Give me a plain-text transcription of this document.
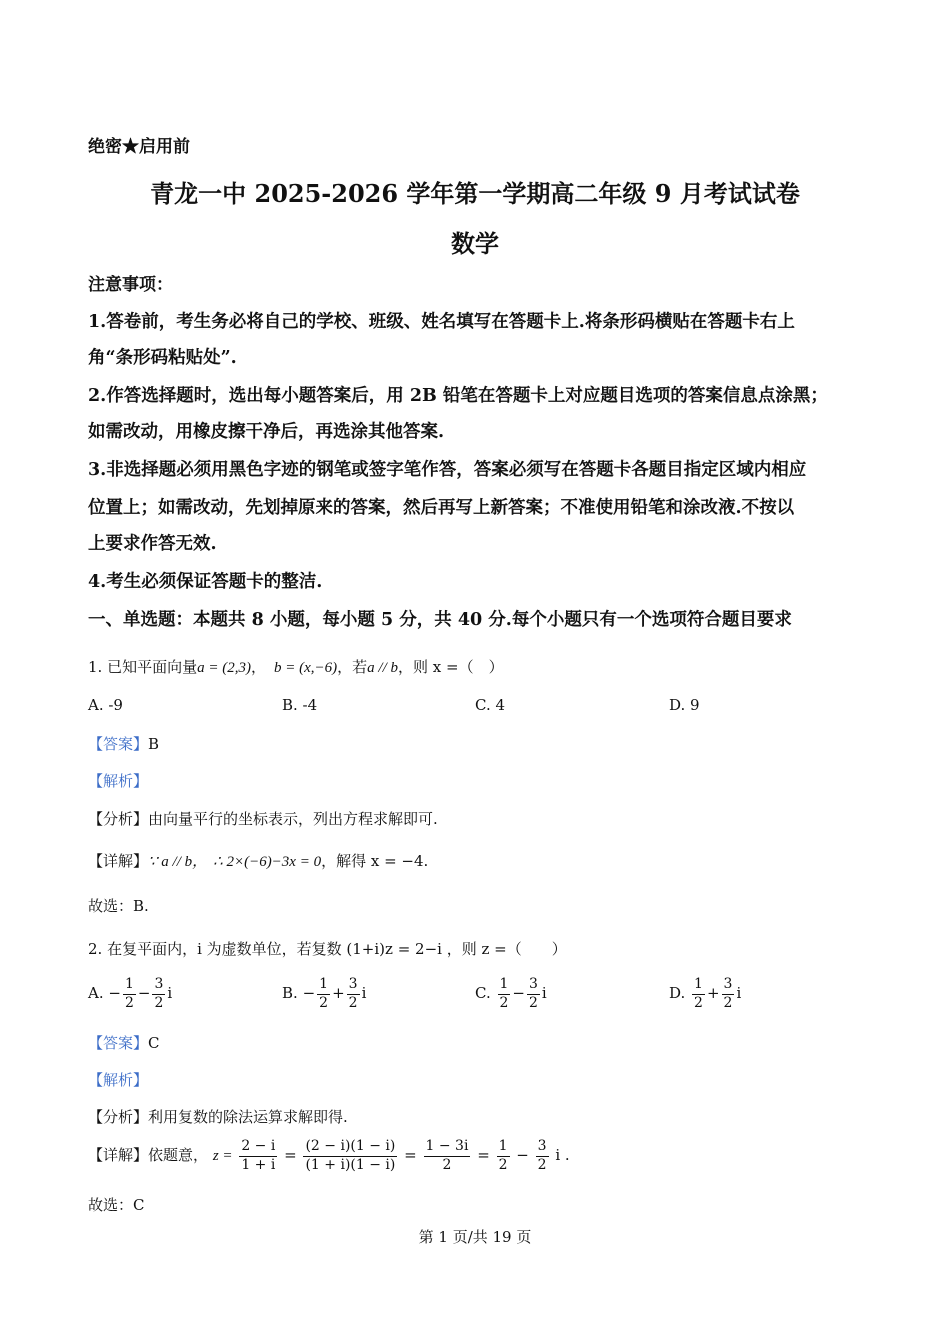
绝密★启用前
青龙一中 2025-2026 学年第一学期高二年级 9 月考试试卷
数学
注意事项：
1.答卷前，考生务必将自己的学校、班级、姓名填写在答题卡上.将条形码横贴在答题卡右上
角“条形码粘贴处”.
2.作答选择题时，选出每小题答案后，用 2B 铅笔在答题卡上对应题目选项的答案信息点涂黑；
如需改动，用橡皮擦干净后，再选涂其他答案.
3.非选择题必须用黑色字迹的钢笔或签字笔作答，答案必须写在答题卡各题目指定区域内相应
位置上；如需改动，先划掉原来的答案，然后再写上新答案；不准使用铅笔和涂改液.不按以
上要求作答无效.
4.考生必须保证答题卡的整洁.
一、单选题：本题共 8 小题，每小题 5 分，共 40 分.每个小题只有一个选项符合题目要求
1. 已知平面向量a = (2,3)， b = (x,−6)，若a // b，则 x =（　）
A. -9	B. -4	C. 4	D. 9
【答案】B
【解析】
【分析】由向量平行的坐标表示，列出方程求解即可.
【详解】∵ a // b， ∴ 2×(−6)−3x = 0，解得 x = −4.
故选：B.
2. 在复平面内，i 为虚数单位，若复数 (1+i)z = 2−i ，则 z =（　　）
A. − $\frac{1}{2} - \frac{3}{2}$ i	B. − $\frac{1}{2} + \frac{3}{2}$ i	C. $\frac{1}{2} - \frac{3}{2}$ i	D. $\frac{1}{2} + \frac{3}{2}$ i
【答案】C
【解析】
【分析】利用复数的除法运算求解即得.
【详解】依题意， $z = \frac{2 - i}{1 + i} = \frac{(2 - i)(1 - i)}{(1 + i)(1 - i)} = \frac{1 - 3i}{2} = \frac{1}{2} - \frac{3}{2}$ i .
故选：C
第 1 页/共 19 页
